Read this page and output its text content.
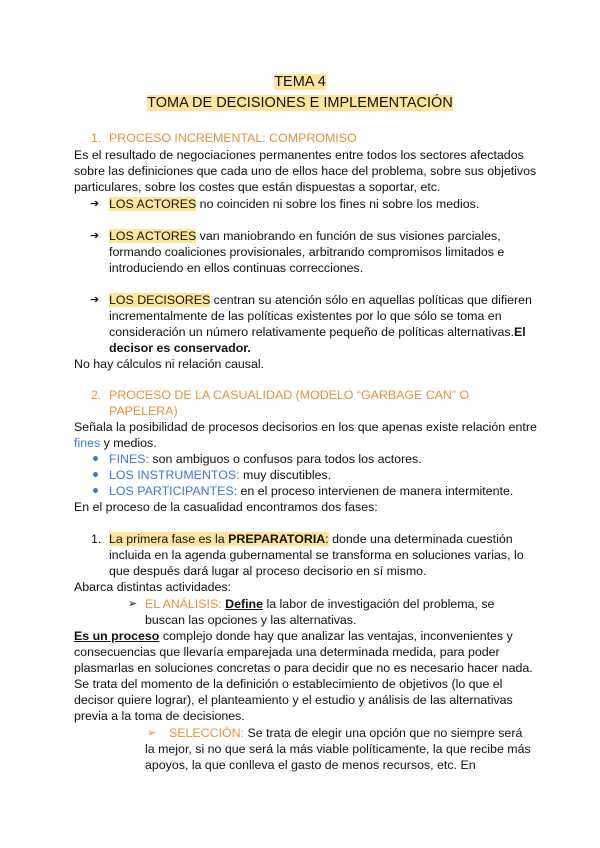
TEMA 4

TOMA DE DECISIONES E IMPLEMENTACIÓN

1. PROCESO INCREMENTAL: COMPROMISO

Es el resultado de negociaciones permanentes entre todos los sectores afectados

sobre las definiciones que cada uno de ellos hace del problema, sobre sus objetivos

particulares, sobre los costes que están dispuestas a soportar, etc.

➔ LOS ACTORES no coinciden ni sobre los fines ni sobre los medios.

➔ LOS ACTORES van maniobrando en función de sus visiones parciales,

formando coaliciones provisionales, arbitrando compromisos limitados e

introduciendo en ellos continuas correcciones.

➔ LOS DECISORES centran su atención sólo en aquellas políticas que difieren

incrementalmente de las políticas existentes por lo que sólo se toma en

consideración un número relativamente pequeño de políticas alternativas.El

decisor es conservador.

No hay cálculos ni relación causal.

2. PROCESO DE LA CASUALIDAD (MODELO “GARBAGE CAN” O

PAPELERA)

Señala la posibilidad de procesos decisorios en los que apenas existe relación entre

fines y medios.

FINES: son ambiguos o confusos para todos los actores.

LOS INSTRUMENTOS: muy discutibles.

LOS PARTICIPANTES: en el proceso intervienen de manera intermitente.

En el proceso de la casualidad encontramos dos fases:

1. La primera fase es la PREPARATORIA: donde una determinada cuestión

incluida en la agenda gubernamental se transforma en soluciones varias, lo

que después dará lugar al proceso decisorio en sí mismo.

Abarca distintas actividades:

➢ EL ANÁLISIS: Define la labor de investigación del problema, se

buscan las opciones y las alternativas.

Es un proceso complejo donde hay que analizar las ventajas, inconvenientes y

consecuencias que llevaría emparejada una determinada medida, para poder

plasmarlas en soluciones concretas o para decidir que no es necesario hacer nada.

Se trata del momento de la definición o establecimiento de objetivos (lo que el

decisor quiere lograr), el planteamiento y el estudio y análisis de las alternativas

previa a la toma de decisiones.

➢ SELECCIÓN: Se trata de elegir una opción que no siempre será

la mejor, si no que será la más viable políticamente, la que recibe más

apoyos, la que conlleva el gasto de menos recursos, etc. En
